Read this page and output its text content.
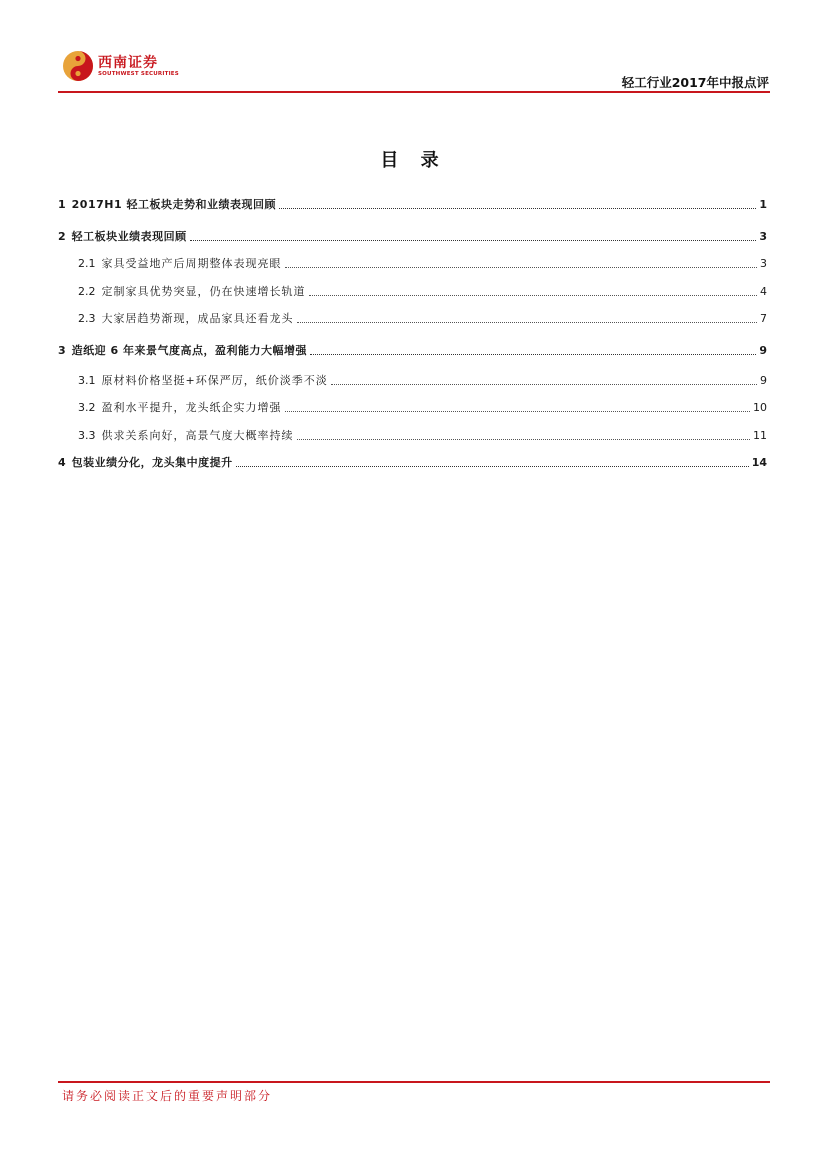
西南证券
SOUTHWEST SECURITIES
轻工行业2017年中报点评
目 录
1 2017H1 轻工板块走势和业绩表现回顾	1
2 轻工板块业绩表现回顾	3
2.1 家具受益地产后周期整体表现亮眼	3
2.2 定制家具优势突显，仍在快速增长轨道	4
2.3 大家居趋势渐现，成品家具还看龙头	7
3 造纸迎 6 年来景气度高点，盈利能力大幅增强	9
3.1 原材料价格坚挺+环保严厉，纸价淡季不淡	9
3.2 盈利水平提升，龙头纸企实力增强	10
3.3 供求关系向好，高景气度大概率持续	11
4 包装业绩分化，龙头集中度提升	14
请务必阅读正文后的重要声明部分
